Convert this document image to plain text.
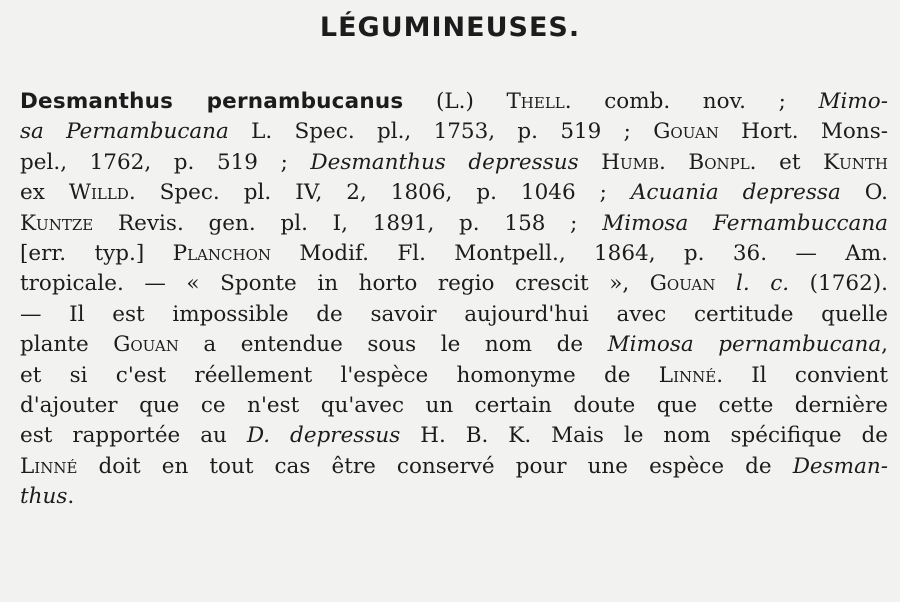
LÉGUMINEUSES.
Desmanthus pernambucanus (L.) Thell. comb. nov. ; Mimo-
sa Pernambucana L. Spec. pl., 1753, p. 519 ; Gouan Hort. Mons-
pel., 1762, p. 519 ; Desmanthus depressus Humb. Bonpl. et Kunth
ex Willd. Spec. pl. IV, 2, 1806, p. 1046 ; Acuania depressa O.
Kuntze Revis. gen. pl. I, 1891, p. 158 ; Mimosa Fernambuccana
[err. typ.] Planchon Modif. Fl. Montpell., 1864, p. 36. — Am.
tropicale. — « Sponte in horto regio crescit », Gouan l. c. (1762).
— Il est impossible de savoir aujourd'hui avec certitude quelle
plante Gouan a entendue sous le nom de Mimosa pernambucana,
et si c'est réellement l'espèce homonyme de Linné. Il convient
d'ajouter que ce n'est qu'avec un certain doute que cette dernière
est rapportée au D. depressus H. B. K. Mais le nom spécifique de
Linné doit en tout cas être conservé pour une espèce de Desman-
thus.
